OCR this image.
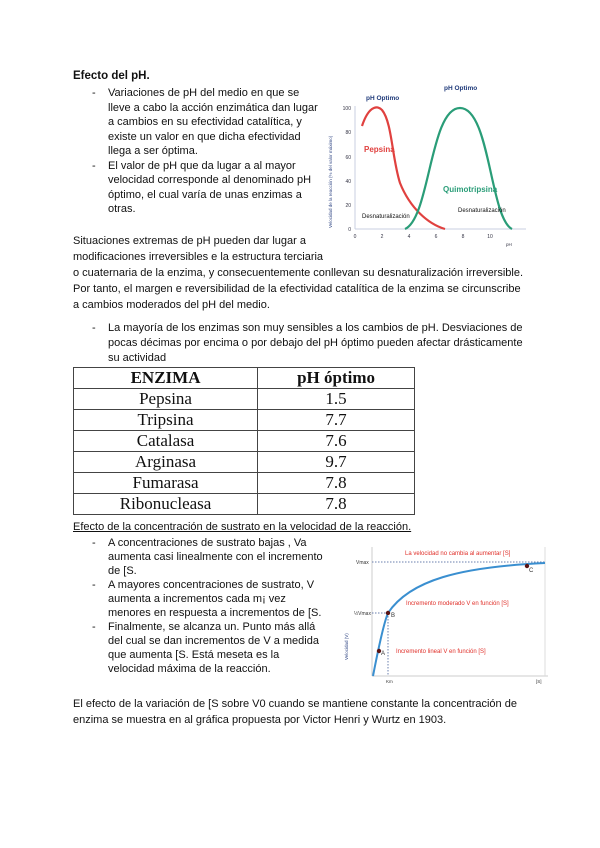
Efecto del pH.
- Variaciones de pH del medio en que se
lleve a cabo la acción enzimática dan lugar
a cambios en su efectividad catalítica, y
existe un valor en que dicha efectividad
llega a ser óptima.
- El valor de pH que da lugar a al mayor
velocidad corresponde al denominado pH
óptimo, el cual varía de unas enzimas a
otras.
pH Optimo
pH Optimo
100
80
60
40
20
0
0	2	4	6	8	10
pH
Velocidad de la reacción (% del valor máximo)	Pepsina
Quimotripsina
Desnaturalización
Desnaturalización
Situaciones extremas de pH pueden dar lugar a
modificaciones irreversibles e la estructura terciaria
o cuaternaria de la enzima, y consecuentemente conllevan su desnaturalización irreversible.
Por tanto, el margen e reversibilidad de la efectividad catalítica de la enzima se circunscribe
a cambios moderados del pH del medio.
- La mayoría de los enzimas son muy sensibles a los cambios de pH. Desviaciones de
pocas décimas por encima o por debajo del pH óptimo pueden afectar drásticamente
su actividad
ENZIMA	pH óptimo
Pepsina	1.5
Tripsina	7.7
Catalasa	7.6
Arginasa	9.7
Fumarasa	7.8
Ribonucleasa	7.8
Efecto de la concentración de sustrato en la velocidad de la reacción.
- A concentraciones de sustrato bajas , Va
aumenta casi linealmente con el incremento
de [S.
- A mayores concentraciones de sustrato, V
aumenta a incrementos cada m¡ vez
menores en respuesta a incrementos de [S.
- Finalmente, se alcanza un. Punto más allá
del cual se dan incrementos de V a medida
que aumenta [S. Está meseta es la
velocidad máxima de la reacción.
Vmax
½Vmax
Km	[S]
Velocidad (V)	A
B
C
La velocidad no cambia al aumentar [S]
Incremento moderado V en función [S]
Incremento lineal V en función [S]
El efecto de la variación de [S sobre V0 cuando se mantiene constante la concentración de
enzima se muestra en al gráfica propuesta por Victor Henri y Wurtz en 1903.
